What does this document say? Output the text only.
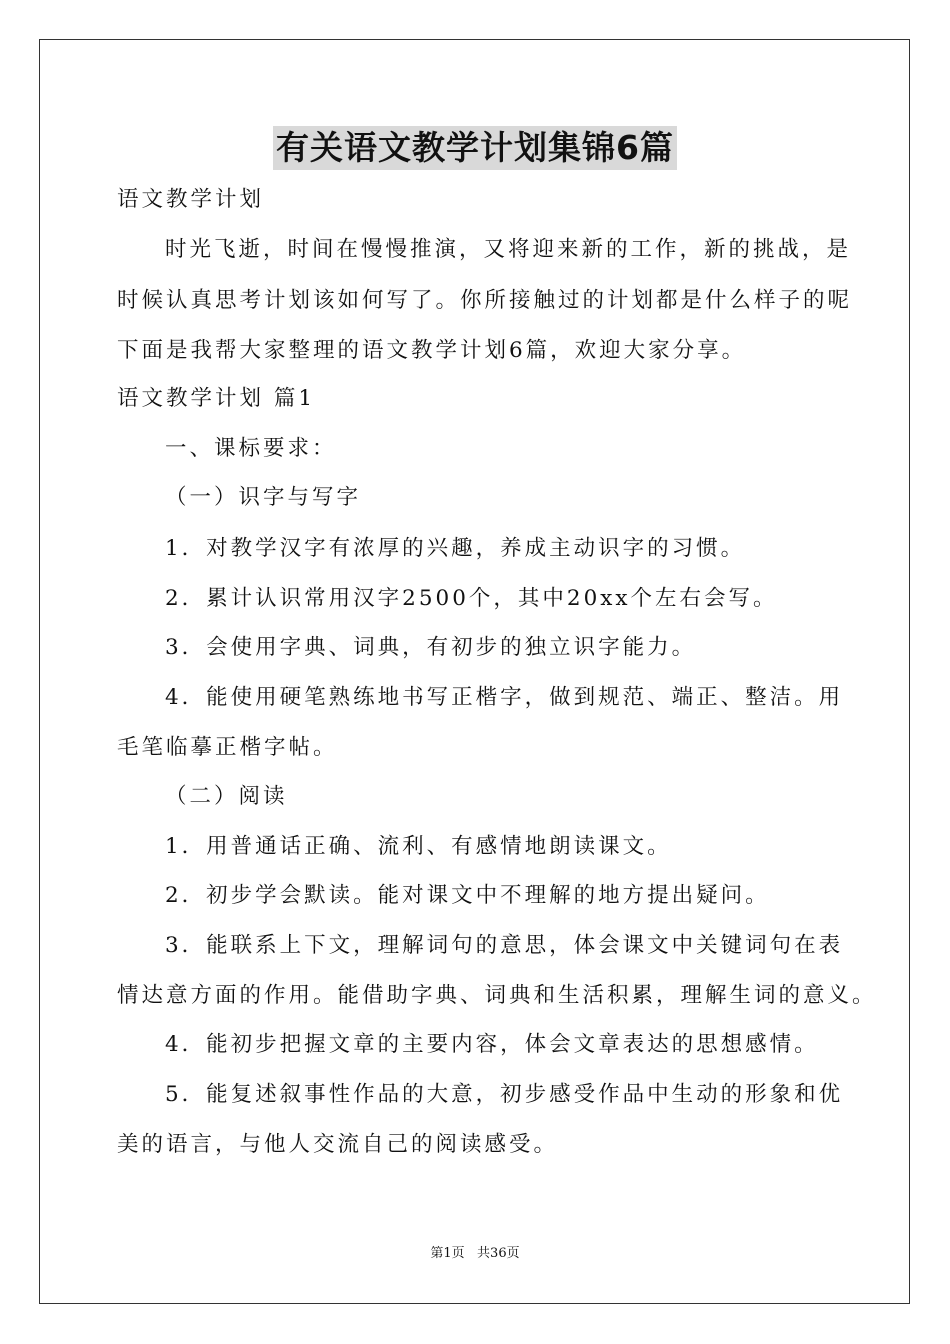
有关语文教学计划集锦6篇
语文教学计划
时光飞逝，时间在慢慢推演，又将迎来新的工作，新的挑战，是
时候认真思考计划该如何写了。你所接触过的计划都是什么样子的呢
下面是我帮大家整理的语文教学计划6篇，欢迎大家分享。
语文教学计划 篇1
一、课标要求：
（一）识字与写字
1．对教学汉字有浓厚的兴趣，养成主动识字的习惯。
2．累计认识常用汉字2500个，其中20xx个左右会写。
3．会使用字典、词典，有初步的独立识字能力。
4．能使用硬笔熟练地书写正楷字，做到规范、端正、整洁。用
毛笔临摹正楷字帖。
（二）阅读
1．用普通话正确、流利、有感情地朗读课文。
2．初步学会默读。能对课文中不理解的地方提出疑问。
3．能联系上下文，理解词句的意思，体会课文中关键词句在表
情达意方面的作用。能借助字典、词典和生活积累，理解生词的意义。
4．能初步把握文章的主要内容，体会文章表达的思想感情。
5．能复述叙事性作品的大意，初步感受作品中生动的形象和优
美的语言，与他人交流自己的阅读感受。
第1页   共36页
